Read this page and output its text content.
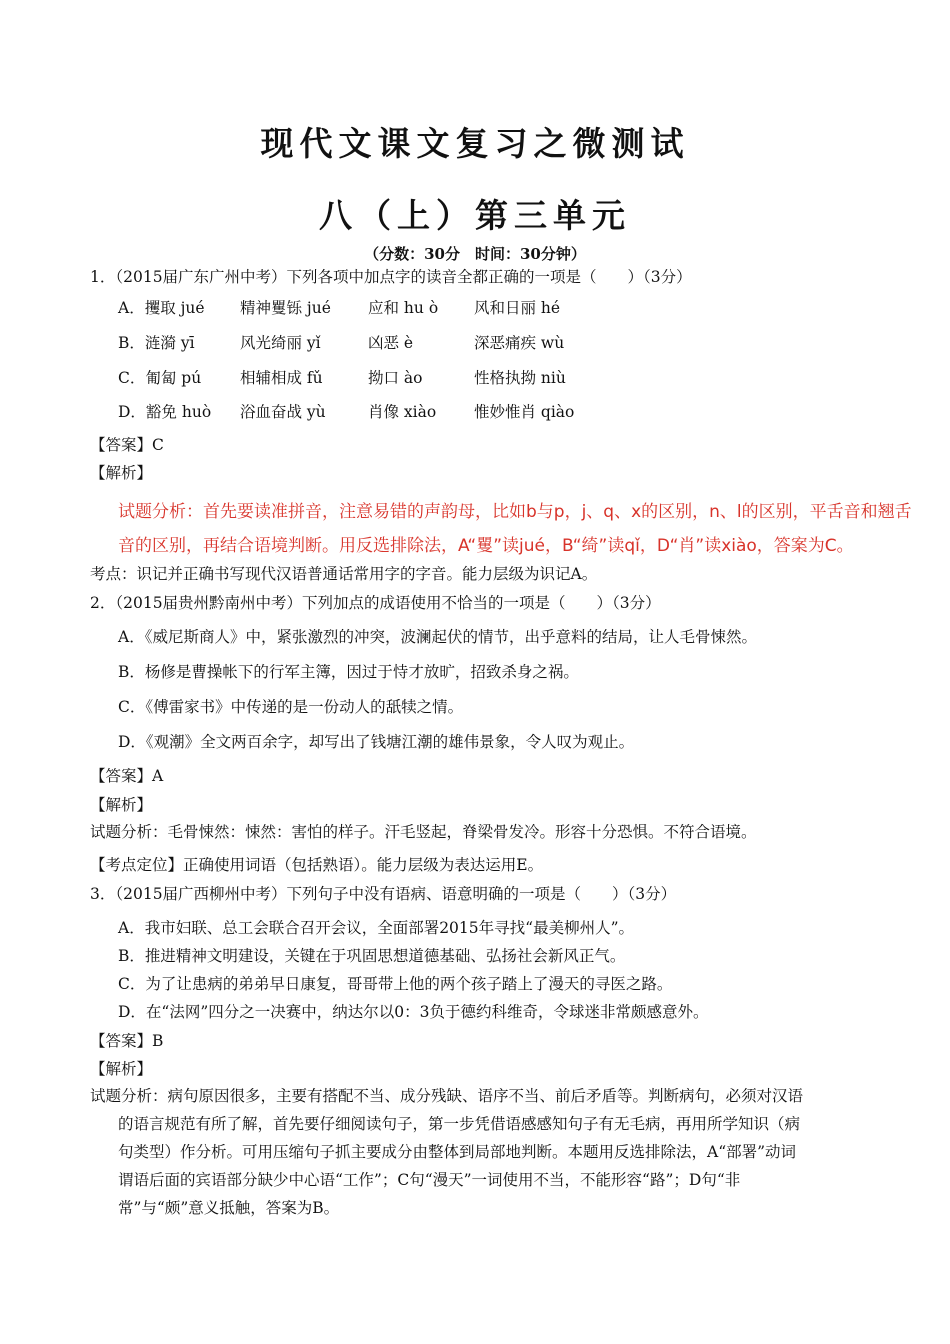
现代文课文复习之微测试
八（上）第三单元
（分数：30分　时间：30分钟）
1．（2015届广东广州中考）下列各项中加点字的读音全都正确的一项是（　　）（3分）
A．攫取 jué 精神矍铄 jué 应和 hu ò 风和日丽 hé
B．涟漪 yī	风光绮丽 yǐ	凶恶 è	深恶痛疾 wù
C．匍匐 pú	相辅相成 fǔ	拗口 ào	性格执拗 niù
D．豁免 huò 浴血奋战 yù	肖像 xiào 惟妙惟肖 qiào
【答案】C
【解析】
试题分析：首先要读准拼音，注意易错的声韵母，比如b与p，j、q、x的区别，n、l的区别，平舌音和翘舌
音的区别，再结合语境判断。用反选排除法，A“矍”读jué，B“绮”读qǐ，D“肖”读xiào，答案为C。
考点：识记并正确书写现代汉语普通话常用字的字音。能力层级为识记A。
2．（2015届贵州黔南州中考）下列加点的成语使用不恰当的一项是（　　）（3分）
A．《威尼斯商人》中，紧张激烈的冲突，波澜起伏的情节，出乎意料的结局，让人毛骨悚然。
B．杨修是曹操帐下的行军主簿，因过于恃才放旷，招致杀身之祸。
C．《傅雷家书》中传递的是一份动人的舐犊之情。
D．《观潮》全文两百余字，却写出了钱塘江潮的雄伟景象，令人叹为观止。
【答案】A
【解析】
试题分析：毛骨悚然：悚然：害怕的样子。汗毛竖起，脊梁骨发冷。形容十分恐惧。不符合语境。
【考点定位】正确使用词语（包括熟语）。能力层级为表达运用E。
3．（2015届广西柳州中考）下列句子中没有语病、语意明确的一项是（　　）（3分）
A．我市妇联、总工会联合召开会议，全面部署2015年寻找“最美柳州人”。
B．推进精神文明建设，关键在于巩固思想道德基础、弘扬社会新风正气。
C．为了让患病的弟弟早日康复，哥哥带上他的两个孩子踏上了漫天的寻医之路。
D．在“法网”四分之一决赛中，纳达尔以0：3负于德约科维奇，令球迷非常颇感意外。
【答案】B
【解析】
试题分析：病句原因很多，主要有搭配不当、成分残缺、语序不当、前后矛盾等。判断病句，必须对汉语
的语言规范有所了解，首先要仔细阅读句子，第一步凭借语感感知句子有无毛病，再用所学知识（病
句类型）作分析。可用压缩句子抓主要成分由整体到局部地判断。本题用反选排除法，A“部署”动词
谓语后面的宾语部分缺少中心语“工作”；C句“漫天”一词使用不当，不能形容“路”；D句“非
常”与“颇”意义抵触，答案为B。
